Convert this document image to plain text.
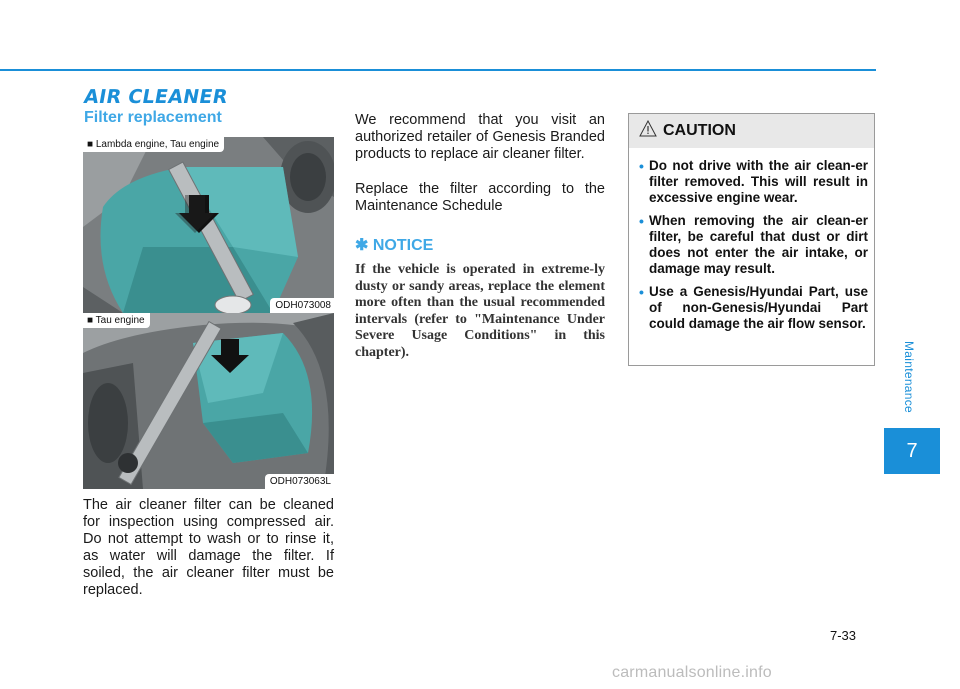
AIR CLEANER
Filter replacement
■ Lambda engine, Tau engine
ODH073008
■ Tau engine
ODH073063L

The air cleaner filter can be cleaned for inspection using compressed air. Do not attempt to wash or to rinse it, as water will damage the filter. If soiled, the air cleaner filter must be replaced.

We recommend that you visit an authorized retailer of Genesis Branded products to replace air cleaner filter.

Replace the filter according to the Maintenance Schedule

✱ NOTICE

If the vehicle is operated in extreme-ly dusty or sandy areas, replace the element more often than the usual recommended intervals (refer to "Maintenance Under Severe Usage Conditions" in this chapter).

CAUTION
• Do not drive with the air clean-er filter removed. This will result in excessive engine wear.
• When removing the air clean-er filter, be careful that dust or dirt does not enter the air intake, or damage may result.
• Use a Genesis/Hyundai Part, use of non-Genesis/Hyundai Part could damage the air flow sensor.
Maintenance
7
7-33
carmanualsonline.info
